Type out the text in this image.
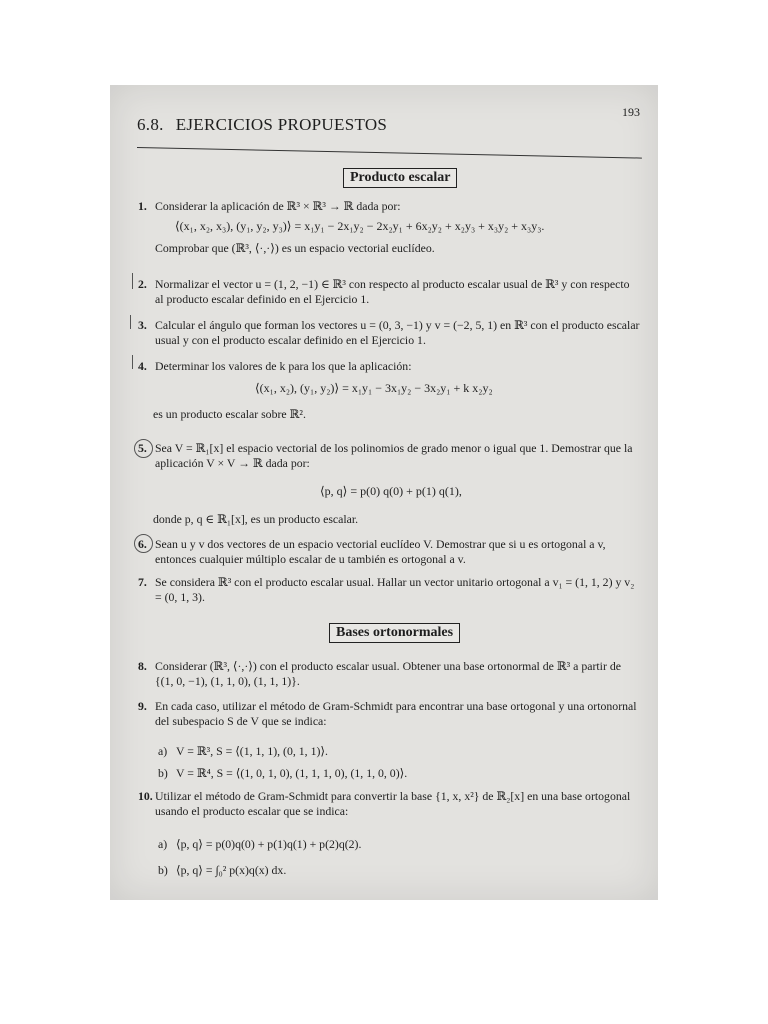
6.8. EJERCICIOS PROPUESTOS
193
Producto escalar
1. Considerar la aplicación de ℝ³ × ℝ³ → ℝ dada por:
⟨(x₁, x₂, x₃), (y₁, y₂, y₃)⟩ = x₁y₁ − 2x₁y₂ − 2x₂y₁ + 6x₂y₂ + x₂y₃ + x₃y₂ + x₃y₃.
Comprobar que (ℝ³, ⟨·,·⟩) es un espacio vectorial euclídeo.
2. Normalizar el vector u = (1, 2, −1) ∈ ℝ³ con respecto al producto escalar usual de ℝ³ y con respecto al producto escalar definido en el Ejercicio 1.
3. Calcular el ángulo que forman los vectores u = (0, 3, −1) y v = (−2, 5, 1) en ℝ³ con el producto escalar usual y con el producto escalar definido en el Ejercicio 1.
4. Determinar los valores de k para los que la aplicación:
⟨(x₁, x₂), (y₁, y₂)⟩ = x₁y₁ − 3x₁y₂ − 3x₂y₁ + k x₂y₂
es un producto escalar sobre ℝ².
5. Sea V = ℝ₁[x] el espacio vectorial de los polinomios de grado menor o igual que 1. Demostrar que la aplicación V × V → ℝ dada por:
⟨p, q⟩ = p(0) q(0) + p(1) q(1),
donde p, q ∈ ℝ₁[x], es un producto escalar.
6. Sean u y v dos vectores de un espacio vectorial euclídeo V. Demostrar que si u es ortogonal a v, entonces cualquier múltiplo escalar de u también es ortogonal a v.
7. Se considera ℝ³ con el producto escalar usual. Hallar un vector unitario ortogonal a v₁ = (1, 1, 2) y v₂ = (0, 1, 3).
Bases ortonormales
8. Considerar (ℝ³, ⟨·,·⟩) con el producto escalar usual. Obtener una base ortonormal de ℝ³ a partir de {(1, 0, −1), (1, 1, 0), (1, 1, 1)}.
9. En cada caso, utilizar el método de Gram-Schmidt para encontrar una base ortogonal y una ortonornal del subespacio S de V que se indica:
a) V = ℝ³, S = ⟨(1, 1, 1), (0, 1, 1)⟩.
b) V = ℝ⁴, S = ⟨(1, 0, 1, 0), (1, 1, 1, 0), (1, 1, 0, 0)⟩.
10. Utilizar el método de Gram-Schmidt para convertir la base {1, x, x²} de ℝ₂[x] en una base ortogonal usando el producto escalar que se indica:
a) ⟨p, q⟩ = p(0)q(0) + p(1)q(1) + p(2)q(2).
b) ⟨p, q⟩ = ∫₀² p(x)q(x) dx.
